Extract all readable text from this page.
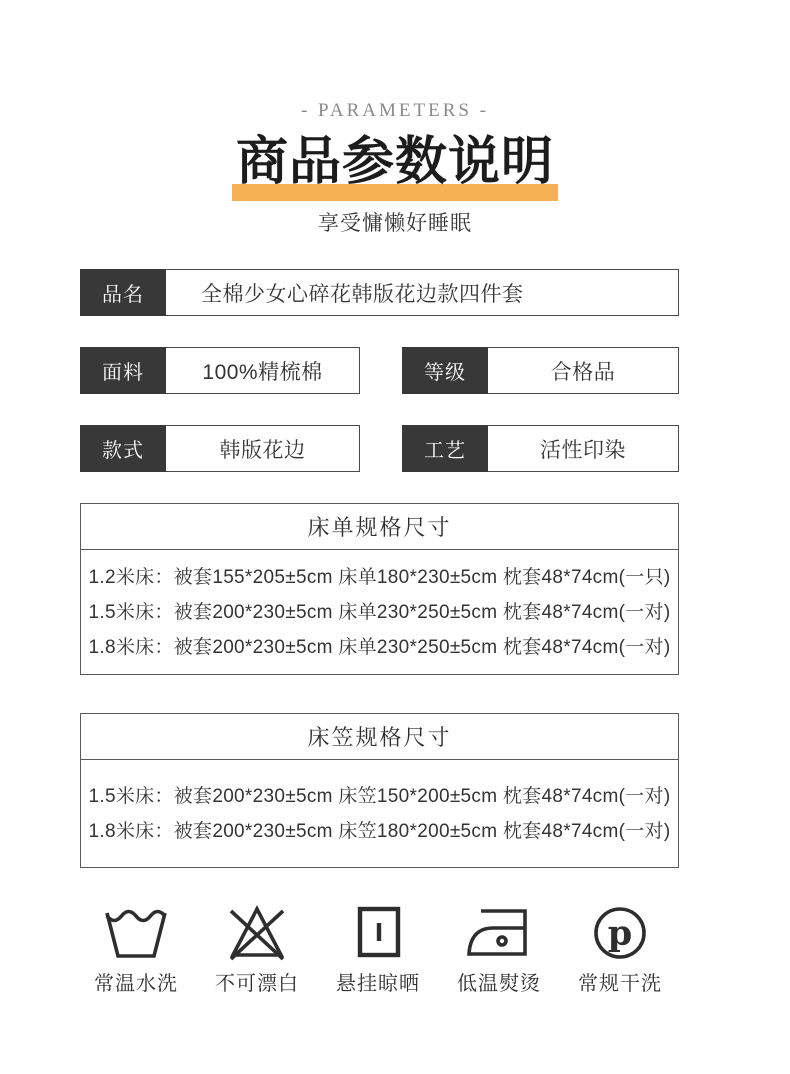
- PARAMETERS -
商品参数说明
享受慵懒好睡眠
品名	全棉少女心碎花韩版花边款四件套
面料	100%精梳棉	等级	合格品
款式	韩版花边	工艺	活性印染
床单规格尺寸
1.2米床：被套155*205±5cm 床单180*230±5cm 枕套48*74cm(一只)
1.5米床：被套200*230±5cm 床单230*250±5cm 枕套48*74cm(一对)
1.8米床：被套200*230±5cm 床单230*250±5cm 枕套48*74cm(一对)
床笠规格尺寸
1.5米床：被套200*230±5cm 床笠150*200±5cm 枕套48*74cm(一对)
1.8米床：被套200*230±5cm 床笠180*200±5cm 枕套48*74cm(一对)
常温水洗 不可漂白 悬挂晾晒 低温熨烫
p
常规干洗
